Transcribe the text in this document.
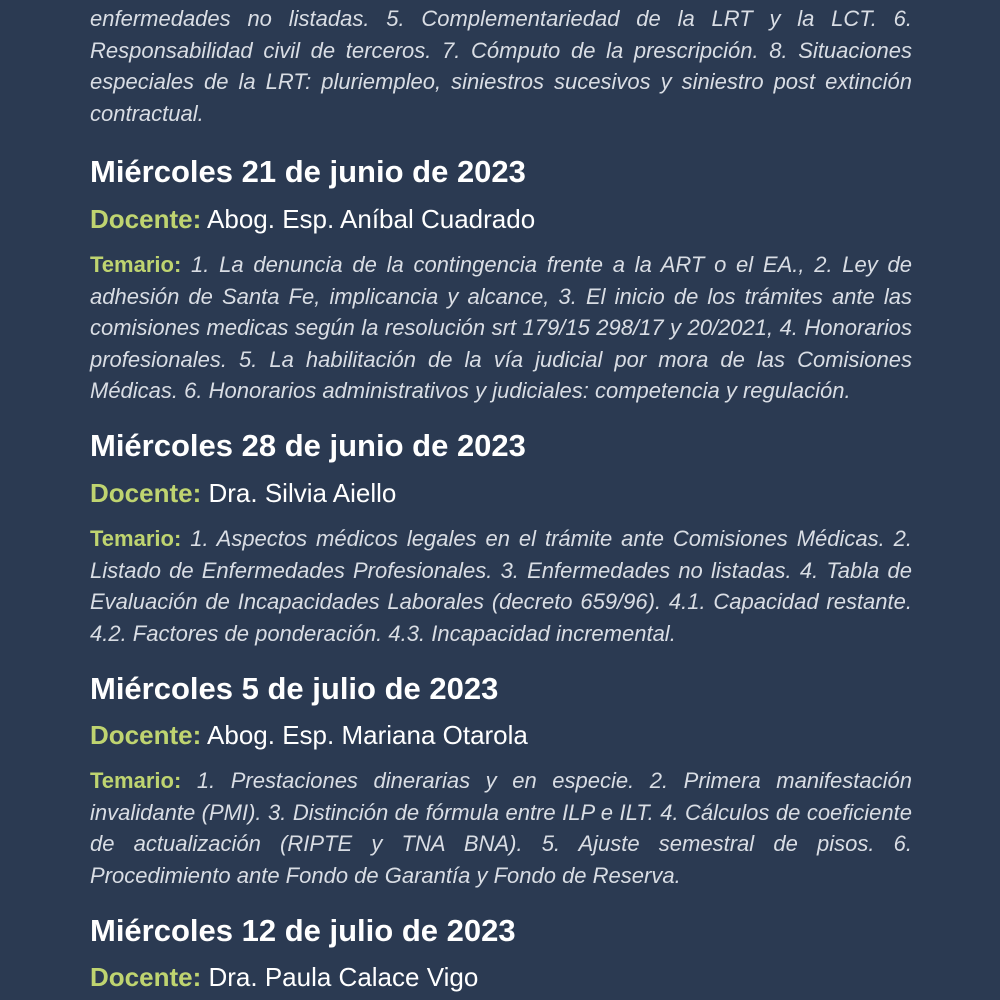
enfermedades no listadas. 5. Complementariedad de la LRT y la LCT. 6. Responsabilidad civil de terceros. 7. Cómputo de la prescripción. 8. Situaciones especiales de la LRT: pluriempleo, siniestros sucesivos y siniestro post extinción contractual.

Miércoles 21 de junio de 2023

Docente: Abog. Esp. Aníbal Cuadrado

Temario: 1. La denuncia de la contingencia frente a la ART o el EA., 2. Ley de adhesión de Santa Fe, implicancia y alcance, 3. El inicio de los trámites ante las comisiones medicas según la resolución srt 179/15 298/17 y 20/2021, 4. Honorarios profesionales. 5. La habilitación de la vía judicial por mora de las Comisiones Médicas. 6. Honorarios administrativos y judiciales: competencia y regulación.

Miércoles 28 de junio de 2023

Docente: Dra. Silvia Aiello

Temario: 1. Aspectos médicos legales en el trámite ante Comisiones Médicas. 2. Listado de Enfermedades Profesionales. 3. Enfermedades no listadas. 4. Tabla de Evaluación de Incapacidades Laborales (decreto 659/96). 4.1. Capacidad restante. 4.2. Factores de ponderación. 4.3. Incapacidad incremental.

Miércoles 5 de julio de 2023

Docente: Abog. Esp. Mariana Otarola

Temario: 1. Prestaciones dinerarias y en especie. 2. Primera manifestación invalidante (PMI). 3. Distinción de fórmula entre ILP e ILT. 4. Cálculos de coeficiente de actualización (RIPTE y TNA BNA). 5. Ajuste semestral de pisos. 6. Procedimiento ante Fondo de Garantía y Fondo de Reserva.

Miércoles 12 de julio de 2023

Docente: Dra. Paula Calace Vigo
